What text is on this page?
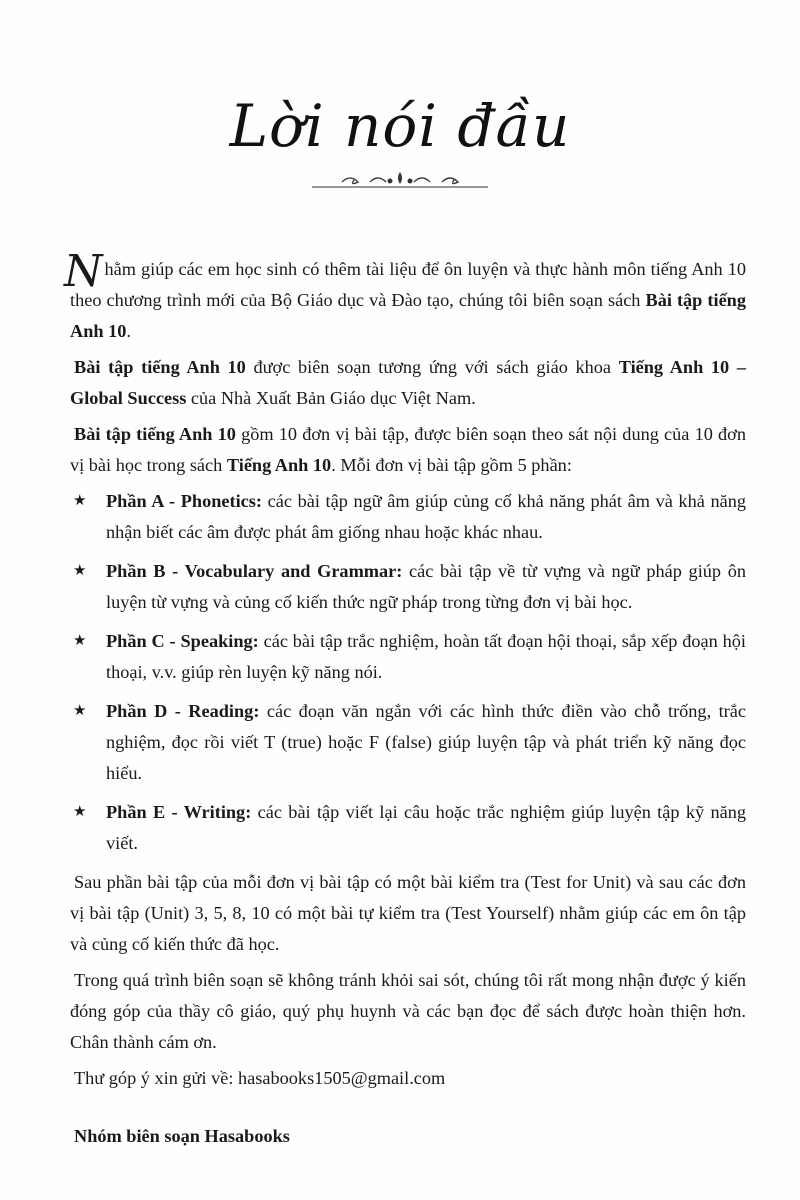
Lời nói đầu

Nhằm giúp các em học sinh có thêm tài liệu để ôn luyện và thực hành môn tiếng Anh 10 theo chương trình mới của Bộ Giáo dục và Đào tạo, chúng tôi biên soạn sách Bài tập tiếng Anh 10.

Bài tập tiếng Anh 10 được biên soạn tương ứng với sách giáo khoa Tiếng Anh 10 – Global Success của Nhà Xuất Bản Giáo dục Việt Nam.

Bài tập tiếng Anh 10 gồm 10 đơn vị bài tập, được biên soạn theo sát nội dung của 10 đơn vị bài học trong sách Tiếng Anh 10. Mỗi đơn vị bài tập gồm 5 phần:

★ Phần A - Phonetics: các bài tập ngữ âm giúp củng cố khả năng phát âm và khả năng nhận biết các âm được phát âm giống nhau hoặc khác nhau.
★ Phần B - Vocabulary and Grammar: các bài tập về từ vựng và ngữ pháp giúp ôn luyện từ vựng và củng cố kiến thức ngữ pháp trong từng đơn vị bài học.
★ Phần C - Speaking: các bài tập trắc nghiệm, hoàn tất đoạn hội thoại, sắp xếp đoạn hội thoại, v.v. giúp rèn luyện kỹ năng nói.
★ Phần D - Reading: các đoạn văn ngắn với các hình thức điền vào chỗ trống, trắc nghiệm, đọc rồi viết T (true) hoặc F (false) giúp luyện tập và phát triển kỹ năng đọc hiểu.
★ Phần E - Writing: các bài tập viết lại câu hoặc trắc nghiệm giúp luyện tập kỹ năng viết.

Sau phần bài tập của mỗi đơn vị bài tập có một bài kiểm tra (Test for Unit) và sau các đơn vị bài tập (Unit) 3, 5, 8, 10 có một bài tự kiểm tra (Test Yourself) nhằm giúp các em ôn tập và củng cố kiến thức đã học.

Trong quá trình biên soạn sẽ không tránh khỏi sai sót, chúng tôi rất mong nhận được ý kiến đóng góp của thầy cô giáo, quý phụ huynh và các bạn đọc để sách được hoàn thiện hơn. Chân thành cám ơn.

Thư góp ý xin gửi về: hasabooks1505@gmail.com

Nhóm biên soạn Hasabooks
